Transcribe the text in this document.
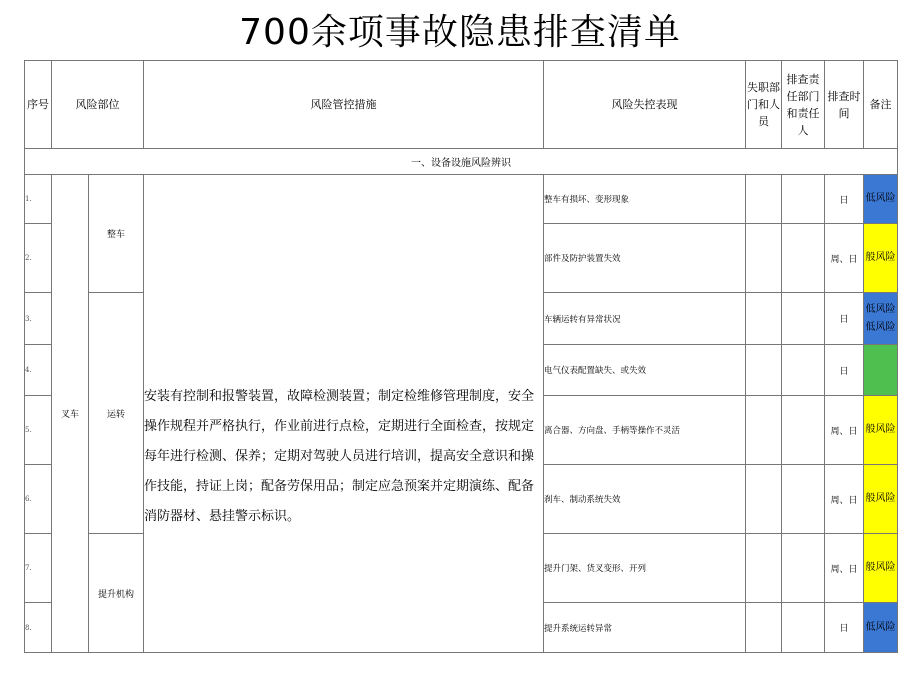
700余项事故隐患排查清单
序号	风险部位		风险管控措施	风险失控表现	失职部门和人员	排查责任部门和责任人	排查时间	备注
一、设备设施风险辨识								
1.	叉车	整车	安装有控制和报警装置，故障检测装置；制定检维修管理制度，安全操作规程并严格执行，作业前进行点检，定期进行全面检查，按规定每年进行检测、保养；定期对驾驶人员进行培训，提高安全意识和操作技能，持证上岗；配备劳保用品；制定应急预案并定期演练、配备消防器材、悬挂警示标识。	整车有损坏、变形现象			日	低风险
2.				部件及防护装置失效			周、日	般风险
3.		运转		车辆运转有异常状况			日	低风险 低风险
4.				电气仪表配置缺失、或失效			日	
5.				离合器、方向盘、手柄等操作不灵活			周、日	般风险
6.				刹车、制动系统失效			周、日	般风险
7.		提升机构		提升门架、货叉变形、开列			周、日	般风险
8.				提升系统运转异常			日	低风险
